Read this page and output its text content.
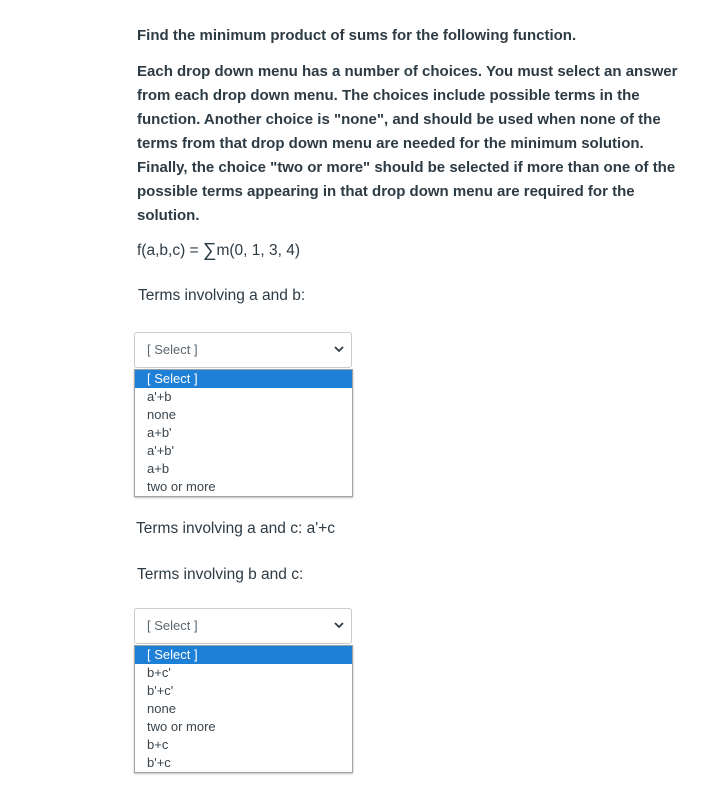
Find the minimum product of sums for the following function.
Each drop down menu has a number of choices. You must select an answer from each drop down menu. The choices include possible terms in the function. Another choice is "none", and should be used when none of the terms from that drop down menu are needed for the minimum solution. Finally, the choice "two or more" should be selected if more than one of the possible terms appearing in that drop down menu are required for the solution.
f(a,b,c) = ∑m(0, 1, 3, 4)
Terms involving a and b:
[ Select ]
[ Select ]
a'+b
none
a+b'
a'+b'
a+b
two or more
Terms involving a and c: a'+c
Terms involving b and c:
[ Select ]
[ Select ]
b+c'
b'+c'
none
two or more
b+c
b'+c
